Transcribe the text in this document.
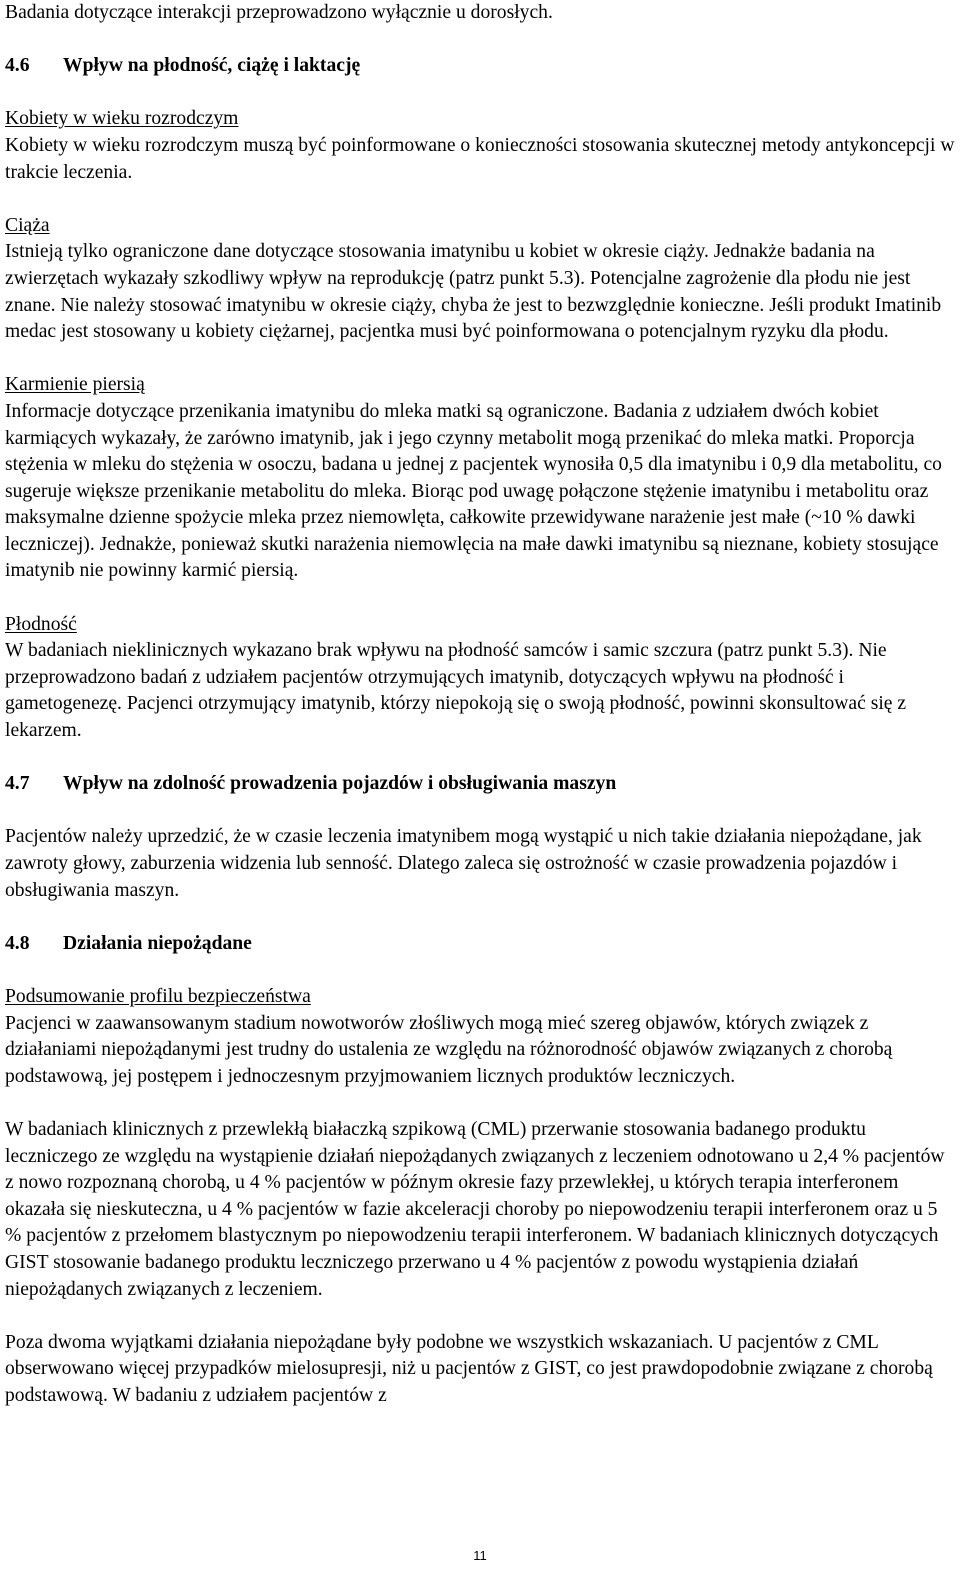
Badania dotyczące interakcji przeprowadzono wyłącznie u dorosłych.

4.6 Wpływ na płodność, ciążę i laktację

Kobiety w wieku rozrodczym

Kobiety w wieku rozrodczym muszą być poinformowane o konieczności stosowania skutecznej metody antykoncepcji w trakcie leczenia.

Ciąża

Istnieją tylko ograniczone dane dotyczące stosowania imatynibu u kobiet w okresie ciąży. Jednakże badania na zwierzętach wykazały szkodliwy wpływ na reprodukcję (patrz punkt 5.3). Potencjalne zagrożenie dla płodu nie jest znane. Nie należy stosować imatynibu w okresie ciąży, chyba że jest to bezwzględnie konieczne. Jeśli produkt Imatinib medac jest stosowany u kobiety ciężarnej, pacjentka musi być poinformowana o potencjalnym ryzyku dla płodu.

Karmienie piersią

Informacje dotyczące przenikania imatynibu do mleka matki są ograniczone. Badania z udziałem dwóch kobiet karmiących wykazały, że zarówno imatynib, jak i jego czynny metabolit mogą przenikać do mleka matki. Proporcja stężenia w mleku do stężenia w osoczu, badana u jednej z pacjentek wynosiła 0,5 dla imatynibu i 0,9 dla metabolitu, co sugeruje większe przenikanie metabolitu do mleka. Biorąc pod uwagę połączone stężenie imatynibu i metabolitu oraz maksymalne dzienne spożycie mleka przez niemowlęta, całkowite przewidywane narażenie jest małe (~10 % dawki leczniczej). Jednakże, ponieważ skutki narażenia niemowlęcia na małe dawki imatynibu są nieznane, kobiety stosujące imatynib nie powinny karmić piersią.

Płodność

W badaniach nieklinicznych wykazano brak wpływu na płodność samców i samic szczura (patrz punkt 5.3). Nie przeprowadzono badań z udziałem pacjentów otrzymujących imatynib, dotyczących wpływu na płodność i gametogenezę. Pacjenci otrzymujący imatynib, którzy niepokoją się o swoją płodność, powinni skonsultować się z lekarzem.

4.7 Wpływ na zdolność prowadzenia pojazdów i obsługiwania maszyn

Pacjentów należy uprzedzić, że w czasie leczenia imatynibem mogą wystąpić u nich takie działania niepożądane, jak zawroty głowy, zaburzenia widzenia lub senność. Dlatego zaleca się ostrożność w czasie prowadzenia pojazdów i obsługiwania maszyn.

4.8 Działania niepożądane

Podsumowanie profilu bezpieczeństwa

Pacjenci w zaawansowanym stadium nowotworów złośliwych mogą mieć szereg objawów, których związek z działaniami niepożądanymi jest trudny do ustalenia ze względu na różnorodność objawów związanych z chorobą podstawową, jej postępem i jednoczesnym przyjmowaniem licznych produktów leczniczych.

W badaniach klinicznych z przewlekłą białaczką szpikową (CML) przerwanie stosowania badanego produktu leczniczego ze względu na wystąpienie działań niepożądanych związanych z leczeniem odnotowano u 2,4 % pacjentów z nowo rozpoznaną chorobą, u 4 % pacjentów w późnym okresie fazy przewlekłej, u których terapia interferonem okazała się nieskuteczna, u 4 % pacjentów w fazie akceleracji choroby po niepowodzeniu terapii interferonem oraz u 5 % pacjentów z przełomem blastycznym po niepowodzeniu terapii interferonem. W badaniach klinicznych dotyczących GIST stosowanie badanego produktu leczniczego przerwano u 4 % pacjentów z powodu wystąpienia działań niepożądanych związanych z leczeniem.

Poza dwoma wyjątkami działania niepożądane były podobne we wszystkich wskazaniach. U pacjentów z CML obserwowano więcej przypadków mielosupresji, niż u pacjentów z GIST, co jest prawdopodobnie związane z chorobą podstawową. W badaniu z udziałem pacjentów z

11
